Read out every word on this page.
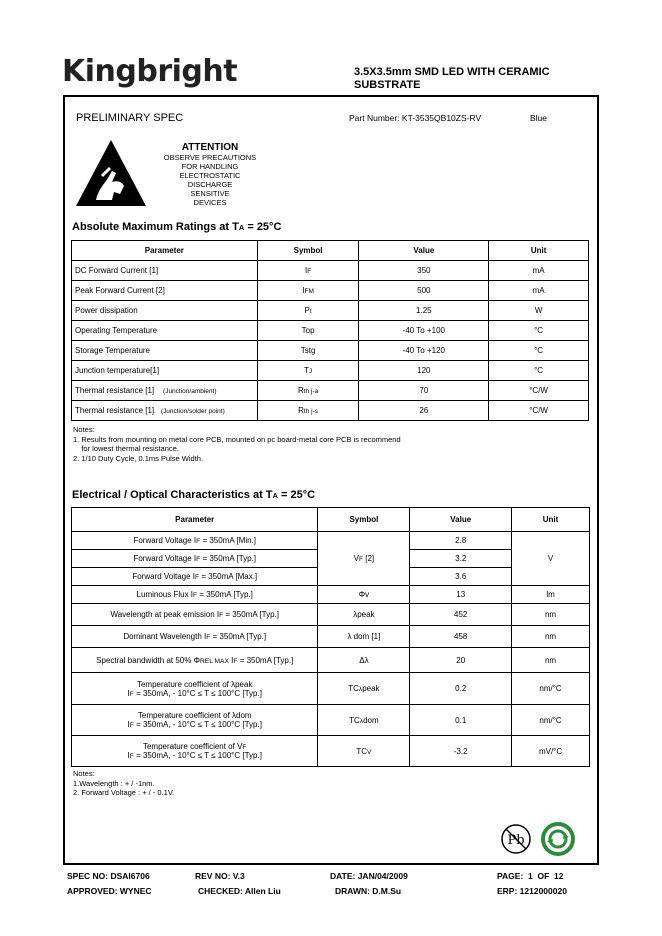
Kingbright	3.5X3.5mm SMD LED WITH CERAMIC SUBSTRATE
PRELIMINARY SPEC	Part Number: KT-3535QB10ZS-RV	Blue
ATTENTION
OBSERVE PRECAUTIONS
FOR HANDLING
ELECTROSTATIC
DISCHARGE
SENSITIVE
DEVICES
Absolute Maximum Ratings at TA = 25°C
Parameter	Symbol	Value	Unit
DC Forward Current [1]	IF	350	mA
Peak Forward Current [2]	IFM	500	mA
Power dissipation	Pt	1.25	W
Operating Temperature	Top	-40 To +100	°C
Storage Temperature	Tstg	-40 To +120	°C
Junction temperature[1]	TJ	120	°C
Thermal resistance [1] (Junction/ambient)	Rth j-a	70	°C/W
Thermal resistance [1] (Junction/solder point)	Rth j-s	26	°C/W
Notes:
1. Results from mounting on metal core PCB, mounted on pc board-metal core PCB is recommend
for lowest thermal resistance.
2. 1/10 Duty Cycle, 0.1ms Pulse Width.
Electrical / Optical Characteristics at TA = 25°C
Parameter	Symbol	Value	Unit
Forward Voltage IF = 350mA [Min.]	VF [2]	2.8	V
Forward Voltage IF = 350mA [Typ.]		3.2	
Forward Voltage IF = 350mA [Max.]		3.6	
Luminous Flux IF = 350mA [Typ.]	Φv	13	lm
Wavelength at peak emission IF = 350mA [Typ.]	λpeak	452	nm
Dominant Wavelength IF = 350mA [Typ.]	λ dom [1]	458	nm
Spectral bandwidth at 50% ΦREL MAX IF = 350mA [Typ.]	Δλ	20	nm

Temperature coefficient of λpeak
IF = 350mA, - 10°C ≤ T ≤ 100°C [Typ.]	TCλpeak	0.2	nm/°C

Temperature coefficient of λdom
IF = 350mA, - 10°C ≤ T ≤ 100°C [Typ.]	TCλdom	0.1	nm/°C

Temperature coefficient of VF
IF = 350mA, - 10°C ≤ T ≤ 100°C [Typ.]	TCV	-3.2	mV/°C
Notes:
1.Wavelength : + / -1nm.
2. Forward Voltage : + / - 0.1V.
Pb
SPEC NO: DSAI6706	REV NO: V.3	DATE: JAN/04/2009	PAGE:  1  OF  12
APPROVED: WYNEC	CHECKED: Allen Liu	DRAWN: D.M.Su	ERP: 1212000020
